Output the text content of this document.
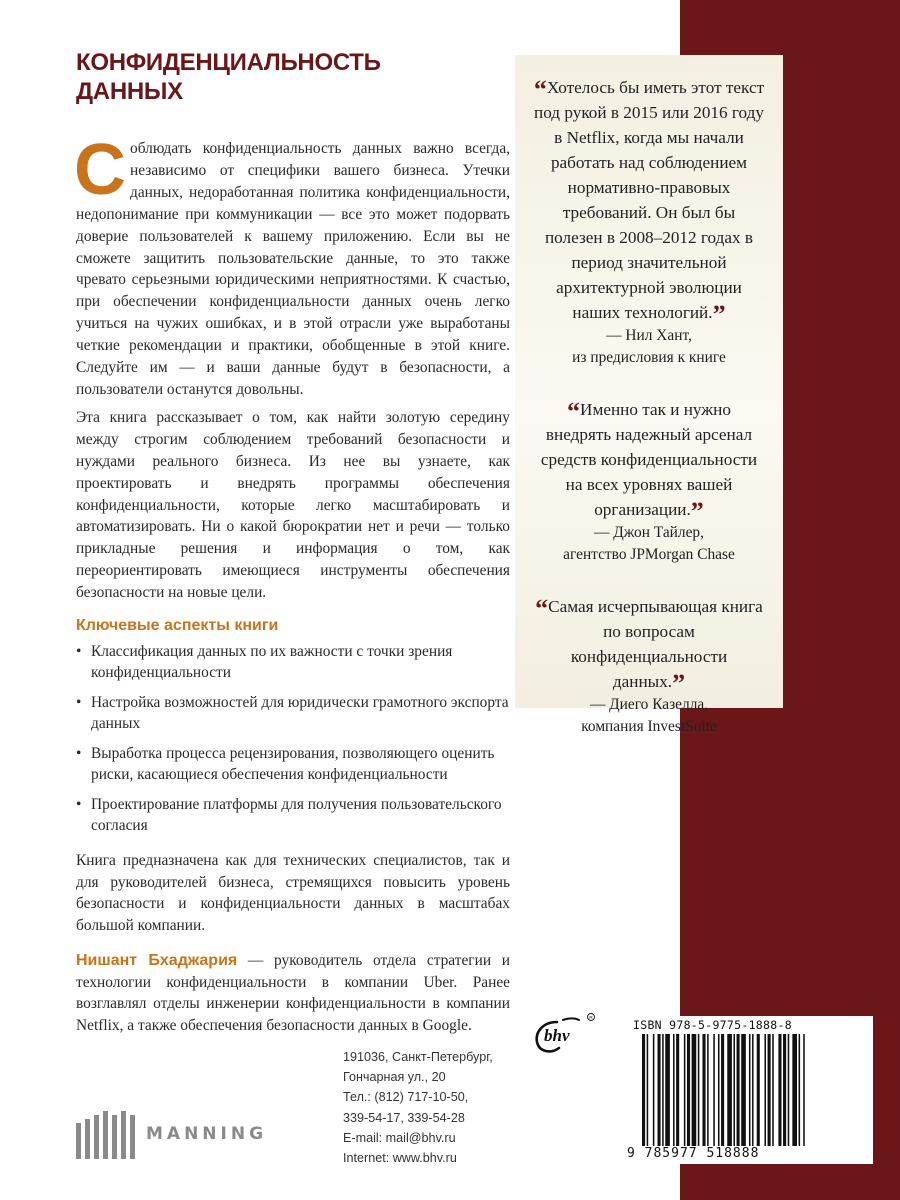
КОНФИДЕНЦИАЛЬНОСТЬ
ДАННЫХ

Соблюдать конфиденциальность данных важно всегда, независимо от специфики вашего бизнеса. Утечки данных, недоработанная политика конфиденциальности, недопонимание при коммуникации — все это может подорвать доверие пользователей к вашему приложению. Если вы не сможете защитить пользовательские данные, то это также чревато серьезными юридическими неприятностями. К счастью, при обеспечении конфиденциальности данных очень легко учиться на чужих ошибках, и в этой отрасли уже выработаны четкие рекомендации и практики, обобщенные в этой книге. Следуйте им — и ваши данные будут в безопасности, а пользователи останутся довольны.

Эта книга рассказывает о том, как найти золотую середину между строгим соблюдением требований безопасности и нуждами реального бизнеса. Из нее вы узнаете, как проектировать и внедрять программы обеспечения конфиденциальности, которые легко масштабировать и автоматизировать. Ни о какой бюрократии нет и речи — только прикладные решения и информация о том, как переориентировать имеющиеся инструменты обеспечения безопасности на новые цели.

Ключевые аспекты книги
• Классификация данных по их важности с точки зрения конфиденциальности
• Настройка возможностей для юридически грамотного экспорта данных
• Выработка процесса рецензирования, позволяющего оценить риски, касающиеся обеспечения конфиденциальности
• Проектирование платформы для получения пользовательского согласия

Книга предназначена как для технических специалистов, так и для руководителей бизнеса, стремящихся повысить уровень безопасности и конфиденциальности данных в масштабах большой компании.

Нишант Бхаджария — руководитель отдела стратегии и технологии конфиденциальности в компании Uber. Ранее возглавлял отделы инженерии конфиденциальности в компании Netflix, а также обеспечения безопасности данных в Google.

“Хотелось бы иметь этот текст под рукой в 2015 или 2016 году в Netflix, когда мы начали работать над соблюдением нормативно-правовых требований. Он был бы полезен в 2008–2012 годах в период значительной архитектурной эволюции наших технологий.”

— Нил Хант,

из предисловия к книге

“Именно так и нужно внедрять надежный арсенал средств конфиденциальности на всех уровнях вашей организации.”

— Джон Тайлер,

агентство JPMorgan Chase

“Самая исчерпывающая книга по вопросам конфиденциальности данных.”

— Диего Казелла,

компания InvestSuite

bhv
R
191036, Санкт-Петербург,
Гончарная ул., 20
Тел.: (812) 717-10-50,
339-54-17, 339-54-28
E-mail: mail@bhv.ru
Internet: www.bhv.ru
MANNING
ISBN 978-5-9775-1888-8
9 785977 518888
